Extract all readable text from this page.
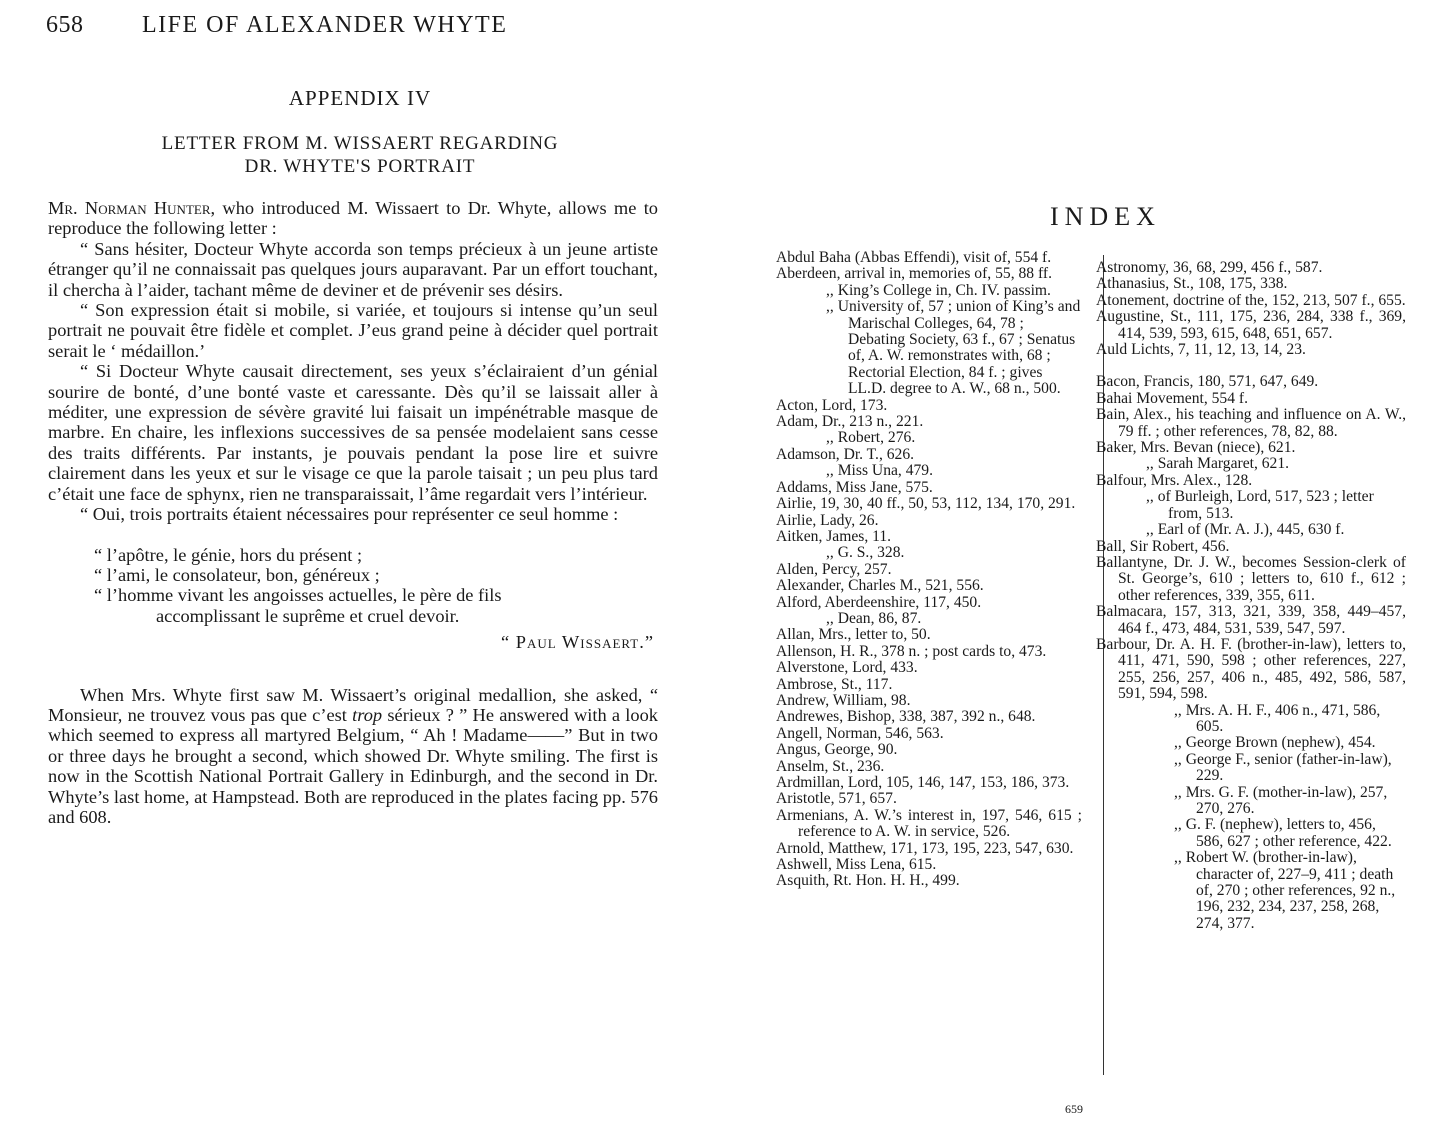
658 LIFE OF ALEXANDER WHYTE
APPENDIX IV
LETTER FROM M. WISSAERT REGARDING
DR. WHYTE'S PORTRAIT

Mr. Norman Hunter, who introduced M. Wissaert to Dr. Whyte, allows me to reproduce the following letter :

“ Sans hésiter, Docteur Whyte accorda son temps précieux à un jeune artiste étranger qu’il ne connaissait pas quelques jours auparavant. Par un effort touchant, il chercha à l’aider, tachant même de deviner et de prévenir ses désirs.

“ Son expression était si mobile, si variée, et toujours si intense qu’un seul portrait ne pouvait être fidèle et complet. J’eus grand peine à décider quel portrait serait le ‘ médaillon.’

“ Si Docteur Whyte causait directement, ses yeux s’éclairaient d’un génial sourire de bonté, d’une bonté vaste et caressante. Dès qu’il se laissait aller à méditer, une expression de sévère gravité lui faisait un impénétrable masque de marbre. En chaire, les inflexions successives de sa pensée modelaient sans cesse des traits différents. Par instants, je pouvais pendant la pose lire et suivre clairement dans les yeux et sur le visage ce que la parole taisait ; un peu plus tard c’était une face de sphynx, rien ne transparaissait, l’âme regardait vers l’intérieur.

“ Oui, trois portraits étaient nécessaires pour représenter ce seul homme :

“ l’apôtre, le génie, hors du présent ;
“ l’ami, le consolateur, bon, généreux ;
“ l’homme vivant les angoisses actuelles, le père de fils
accomplissant le suprême et cruel devoir.

“ Paul Wissaert.”

When Mrs. Whyte first saw M. Wissaert’s original medallion, she asked, “ Monsieur, ne trouvez vous pas que c’est trop sérieux ? ” He answered with a look which seemed to express all martyred Belgium, “ Ah ! Madame——” But in two or three days he brought a second, which showed Dr. Whyte smiling. The first is now in the Scottish National Portrait Gallery in Edinburgh, and the second in Dr. Whyte’s last home, at Hampstead. Both are reproduced in the plates facing pp. 576 and 608.

INDEX
Abdul Baha (Abbas Effendi), visit of, 554 f.
Aberdeen, arrival in, memories of, 55, 88 ff.
,, King’s College in, Ch. IV. passim.
,, University of, 57 ; union of King’s and Marischal Colleges, 64, 78 ; Debating Society, 63 f., 67 ; Senatus of, A. W. remonstrates with, 68 ; Rectorial Election, 84 f. ; gives LL.D. degree to A. W., 68 n., 500.
Acton, Lord, 173.
Adam, Dr., 213 n., 221.
,, Robert, 276.
Adamson, Dr. T., 626.
,, Miss Una, 479.
Addams, Miss Jane, 575.
Airlie, 19, 30, 40 ff., 50, 53, 112, 134, 170, 291.
Airlie, Lady, 26.
Aitken, James, 11.
,, G. S., 328.
Alden, Percy, 257.
Alexander, Charles M., 521, 556.
Alford, Aberdeenshire, 117, 450.
,, Dean, 86, 87.
Allan, Mrs., letter to, 50.
Allenson, H. R., 378 n. ; post cards to, 473.
Alverstone, Lord, 433.
Ambrose, St., 117.
Andrew, William, 98.
Andrewes, Bishop, 338, 387, 392 n., 648.
Angell, Norman, 546, 563.
Angus, George, 90.
Anselm, St., 236.
Ardmillan, Lord, 105, 146, 147, 153, 186, 373.
Aristotle, 571, 657.
Armenians, A. W.’s interest in, 197, 546, 615 ; reference to A. W. in service, 526.
Arnold, Matthew, 171, 173, 195, 223, 547, 630.
Ashwell, Miss Lena, 615.
Asquith, Rt. Hon. H. H., 499.
Astronomy, 36, 68, 299, 456 f., 587.
Athanasius, St., 108, 175, 338.
Atonement, doctrine of the, 152, 213, 507 f., 655.
Augustine, St., 111, 175, 236, 284, 338 f., 369, 414, 539, 593, 615, 648, 651, 657.
Auld Lichts, 7, 11, 12, 13, 14, 23.
Bacon, Francis, 180, 571, 647, 649.
Bahai Movement, 554 f.
Bain, Alex., his teaching and influence on A. W., 79 ff. ; other references, 78, 82, 88.
Baker, Mrs. Bevan (niece), 621.
,, Sarah Margaret, 621.
Balfour, Mrs. Alex., 128.
,, of Burleigh, Lord, 517, 523 ; letter from, 513.
,, Earl of (Mr. A. J.), 445, 630 f.
Ball, Sir Robert, 456.
Ballantyne, Dr. J. W., becomes Session-clerk of St. George’s, 610 ; letters to, 610 f., 612 ; other references, 339, 355, 611.
Balmacara, 157, 313, 321, 339, 358, 449–457, 464 f., 473, 484, 531, 539, 547, 597.
Barbour, Dr. A. H. F. (brother-in-law), letters to, 411, 471, 590, 598 ; other references, 227, 255, 256, 257, 406 n., 485, 492, 586, 587, 591, 594, 598.
,, Mrs. A. H. F., 406 n., 471, 586, 605.
,, George Brown (nephew), 454.
,, George F., senior (father-in-law), 229.
,, Mrs. G. F. (mother-in-law), 257, 270, 276.
,, G. F. (nephew), letters to, 456, 586, 627 ; other reference, 422.
,, Robert W. (brother-in-law), character of, 227–9, 411 ; death of, 270 ; other references, 92 n., 196, 232, 234, 237, 258, 268, 274, 377.
659
